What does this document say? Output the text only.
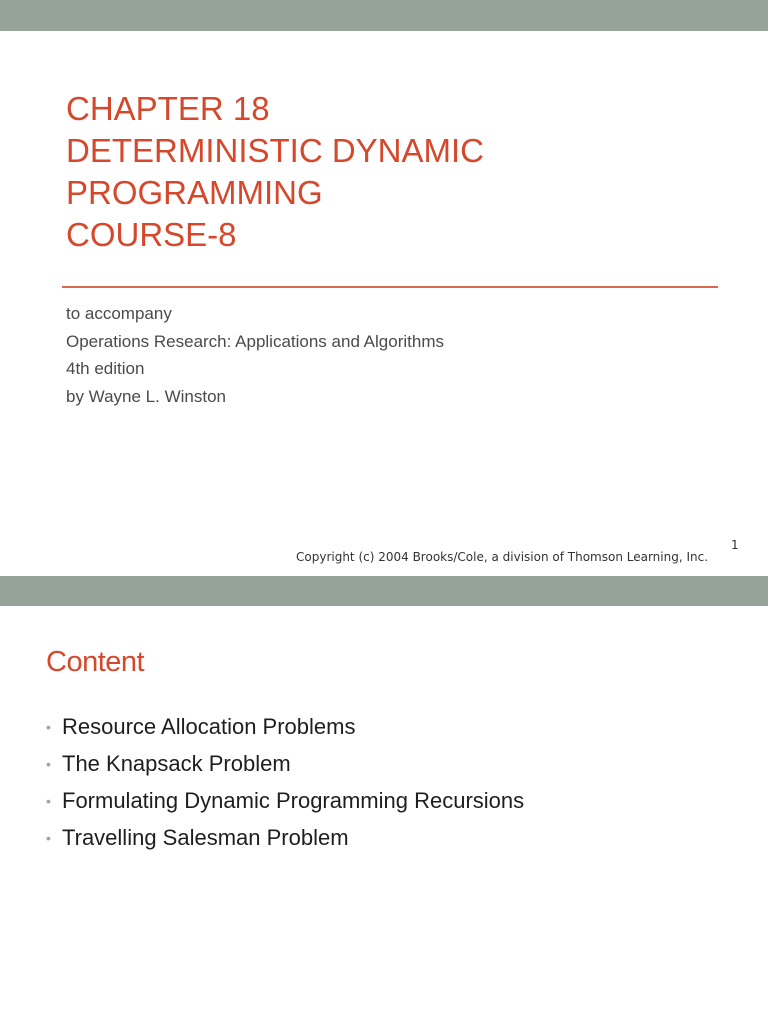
CHAPTER 18
DETERMINISTIC DYNAMIC
PROGRAMMING
COURSE-8
to accompany
Operations Research: Applications and Algorithms
4th edition
by Wayne L. Winston
1
Copyright (c) 2004 Brooks/Cole, a division of Thomson Learning, Inc.
Content
• Resource Allocation Problems
• The Knapsack Problem
• Formulating Dynamic Programming Recursions
• Travelling Salesman Problem
